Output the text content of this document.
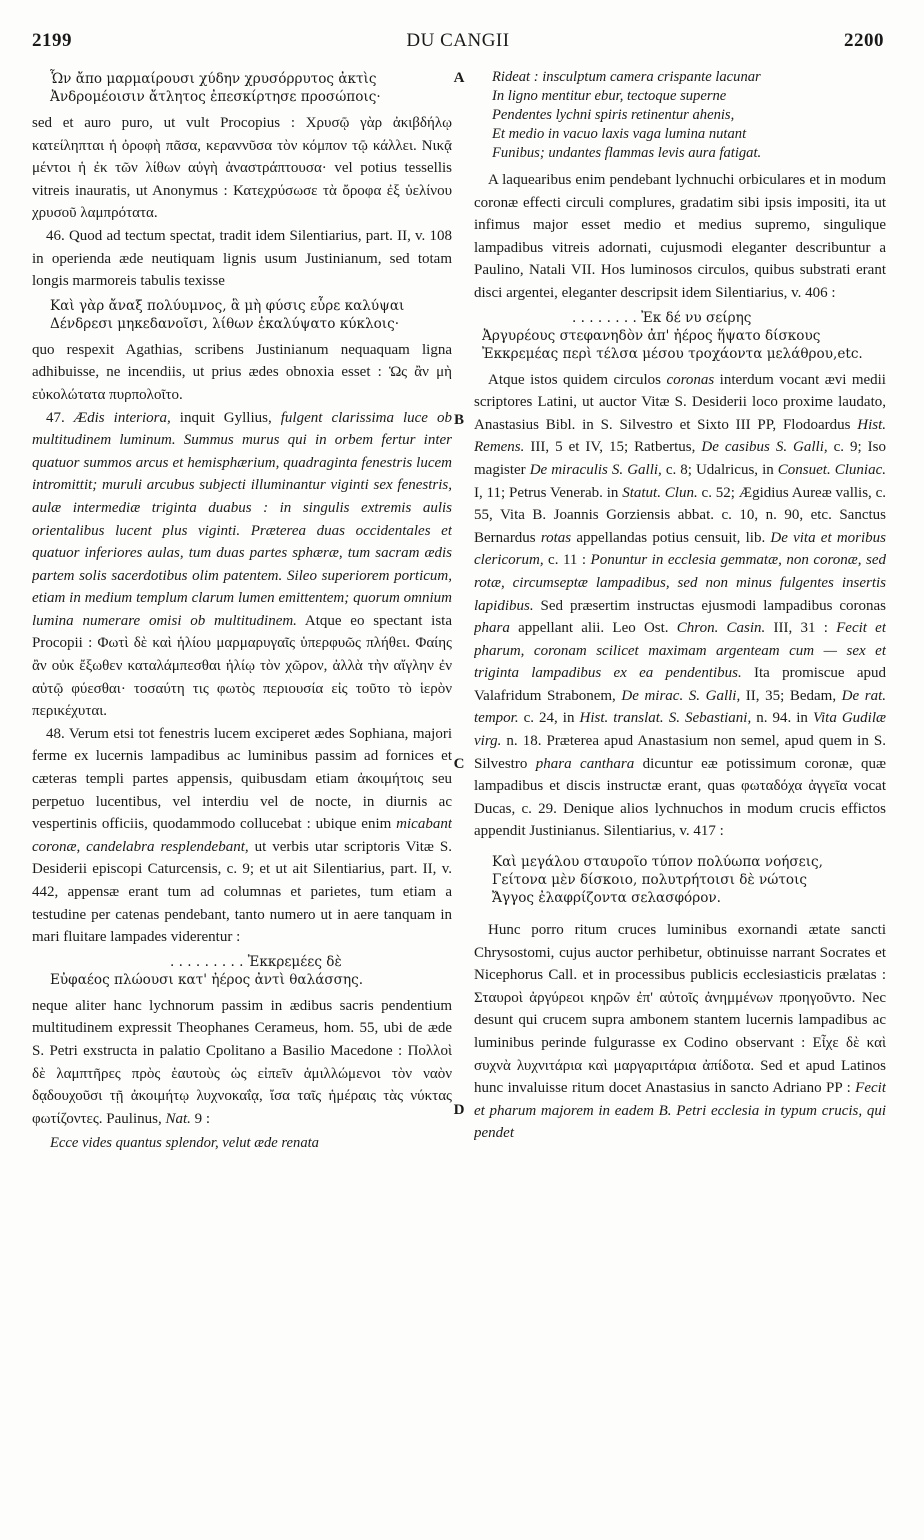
2199	DU CANGII	2200
A
B
C
D
Ὧν ἄπο μαρμαίρουσι χύδην χρυσόρρυτος ἀκτὶς
Ἀνδρομέοισιν ἄτλητος ἐπεσκίρτησε προσώποις·

sed et auro puro, ut vult Procopius : Χρυσῷ γὰρ ἀκιβδήλῳ κατείληπται ἡ ὀροφὴ πᾶσα, κεραννῦσα τὸν κόμπον τῷ κάλλει. Νικᾷ μέντοι ἡ ἐκ τῶν λίθων αὐγὴ ἀναστράπτουσα· vel potius tessellis vitreis inauratis, ut Anonymus : Κατεχρύσωσε τὰ ὄροφα ἐξ ὑελίνου χρυσοῦ λαμπρότατα.

46. Quod ad tectum spectat, tradit idem Silentiarius, part. II, v. 108 in operienda æde neutiquam lignis usum Justinianum, sed totam longis marmoreis tabulis texisse

Καὶ γὰρ ἄναξ πολύυμνος, ἃ μὴ φύσις εὗρε καλύψαι
Δένδρεσι μηκεδανοῖσι, λίθων ἐκαλύψατο κύκλοις·

quo respexit Agathias, scribens Justinianum nequaquam ligna adhibuisse, ne incendiis, ut prius ædes obnoxia esset : Ὡς ἂν μὴ εὐκολώτατα πυρπολοῖτο.

47. Ædis interiora, inquit Gyllius, fulgent clarissima luce ob multitudinem luminum. Summus murus qui in orbem fertur inter quatuor summos arcus et hemisphærium, quadraginta fenestris lucem intromittit; muruli arcubus subjecti illuminantur viginti sex fenestris, aulæ intermediæ triginta duabus : in singulis extremis aulis orientalibus lucent plus viginti. Præterea duas occidentales et quatuor inferiores aulas, tum duas partes sphæræ, tum sacram ædis partem solis sacerdotibus olim patentem. Sileo superiorem porticum, etiam in medium templum clarum lumen emittentem; quorum omnium lumina numerare omisi ob multitudinem. Atque eo spectant ista Procopii : Φωτὶ δὲ καὶ ἡλίου μαρμαρυγαῖς ὑπερφυῶς πλήθει. Φαίης ἂν οὐκ ἔξωθεν καταλάμπεσθαι ἡλίῳ τὸν χῶρον, ἀλλὰ τὴν αἴγλην ἐν αὐτῷ φύεσθαι· τοσαύτη τις φωτὸς περιουσία εἰς τοῦτο τὸ ἱερὸν περικέχυται.

48. Verum etsi tot fenestris lucem exciperet ædes Sophiana, majori ferme ex lucernis lampadibus ac luminibus passim ad fornices et cæteras templi partes appensis, quibusdam etiam ἀκοιμήτοις seu perpetuo lucentibus, vel interdiu vel de nocte, in diurnis ac vespertinis officiis, quodammodo collucebat : ubique enim micabant coronæ, candelabra resplendebant, ut verbis utar scriptoris Vitæ S. Desiderii episcopi Caturcensis, c. 9; et ut ait Silentiarius, part. II, v. 442, appensæ erant tum ad columnas et parietes, tum etiam a testudine per catenas pendebant, tanto numero ut in aere tanquam in mari fluitare lampades viderentur :

. . . . . . . . . Ἐκκρεμέες δὲ
Εὐφαέος πλώουσι κατ' ἠέρος ἀντὶ θαλάσσης.

neque aliter hanc lychnorum passim in ædibus sacris pendentium multitudinem expressit Theophanes Cerameus, hom. 55, ubi de æde S. Petri exstructa in palatio Cpolitano a Basilio Macedone : Πολλοὶ δὲ λαμπτῆρες πρὸς ἑαυτοὺς ὡς εἰπεῖν ἁμιλλώμενοι τὸν ναὸν δᾳδουχοῦσι τῇ ἀκοιμήτῳ λυχνοκαΐᾳ, ἴσα ταῖς ἡμέραις τὰς νύκτας φωτίζοντες. Paulinus, Nat. 9 :

Ecce vides quantus splendor, velut æde renata
Rideat : insculptum camera crispante lacunar
In ligno mentitur ebur, tectoque superne
Pendentes lychni spiris retinentur ahenis,
Et medio in vacuo laxis vaga lumina nutant
Funibus; undantes flammas levis aura fatigat.

A laquearibus enim pendebant lychnuchi orbiculares et in modum coronæ effecti circuli complures, gradatim sibi ipsis impositi, ita ut infimus major esset medio et medius supremo, singulique lampadibus vitreis adornati, cujusmodi eleganter describuntur a Paulino, Natali VII. Hos luminosos circulos, quibus substrati erant disci argentei, eleganter descripsit idem Silentiarius, v. 406 :

. . . . . . . . Ἐκ δέ νυ σείρης
Ἀργυρέους στεφανηδὸν ἀπ' ἠέρος ἥψατο δίσκους
Ἐκκρεμέας περὶ τέλσα μέσου τροχάοντα μελάθρου,etc.

Atque istos quidem circulos coronas interdum vocant ævi medii scriptores Latini, ut auctor Vitæ S. Desiderii loco proxime laudato, Anastasius Bibl. in S. Silvestro et Sixto III PP, Flodoardus Hist. Remens. III, 5 et IV, 15; Ratbertus, De casibus S. Galli, c. 9; Iso magister De miraculis S. Galli, c. 8; Udalricus, in Consuet. Cluniac. I, 11; Petrus Venerab. in Statut. Clun. c. 52; Ægidius Aureæ vallis, c. 55, Vita B. Joannis Gorziensis abbat. c. 10, n. 90, etc. Sanctus Bernardus rotas appellandas potius censuit, lib. De vita et moribus clericorum, c. 11 : Ponuntur in ecclesia gemmatæ, non coronæ, sed rotæ, circumseptæ lampadibus, sed non minus fulgentes insertis lapidibus. Sed præsertim instructas ejusmodi lampadibus coronas phara appellant alii. Leo Ost. Chron. Casin. III, 31 : Fecit et pharum, coronam scilicet maximam argenteam cum — sex et triginta lampadibus ex ea pendentibus. Ita promiscue apud Valafridum Strabonem, De mirac. S. Galli, II, 35; Bedam, De rat. tempor. c. 24, in Hist. translat. S. Sebastiani, n. 94. in Vita Gudilæ virg. n. 18. Præterea apud Anastasium non semel, apud quem in S. Silvestro phara canthara dicuntur eæ potissimum coronæ, quæ lampadibus et discis instructæ erant, quas φωταδόχα ἀγγεῖα vocat Ducas, c. 29. Denique alios lychnuchos in modum crucis effictos appendit Justinianus. Silentiarius, v. 417 :

Καὶ μεγάλου σταυροῖο τύπον πολύωπα νοήσεις,
Γείτονα μὲν δίσκοιο, πολυτρήτοισι δὲ νώτοις
Ἄγγος ἐλαφρίζοντα σελασφόρον.

Hunc porro ritum cruces luminibus exornandi ætate sancti Chrysostomi, cujus auctor perhibetur, obtinuisse narrant Socrates et Nicephorus Call. et in processibus publicis ecclesiasticis prælatas : Σταυροὶ ἀργύρεοι κηρῶν ἐπ' αὐτοῖς ἀνημμένων προηγοῦντο. Nec desunt qui crucem supra ambonem stantem lucernis lampadibus ac luminibus perinde fulgurasse ex Codino observant : Εἶχε δὲ καὶ συχνὰ λυχνιτάρια καὶ μαργαριτάρια ἀπίδοτα. Sed et apud Latinos hunc invaluisse ritum docet Anastasius in sancto Adriano PP : Fecit et pharum majorem in eadem B. Petri ecclesia in typum crucis, qui pendet
